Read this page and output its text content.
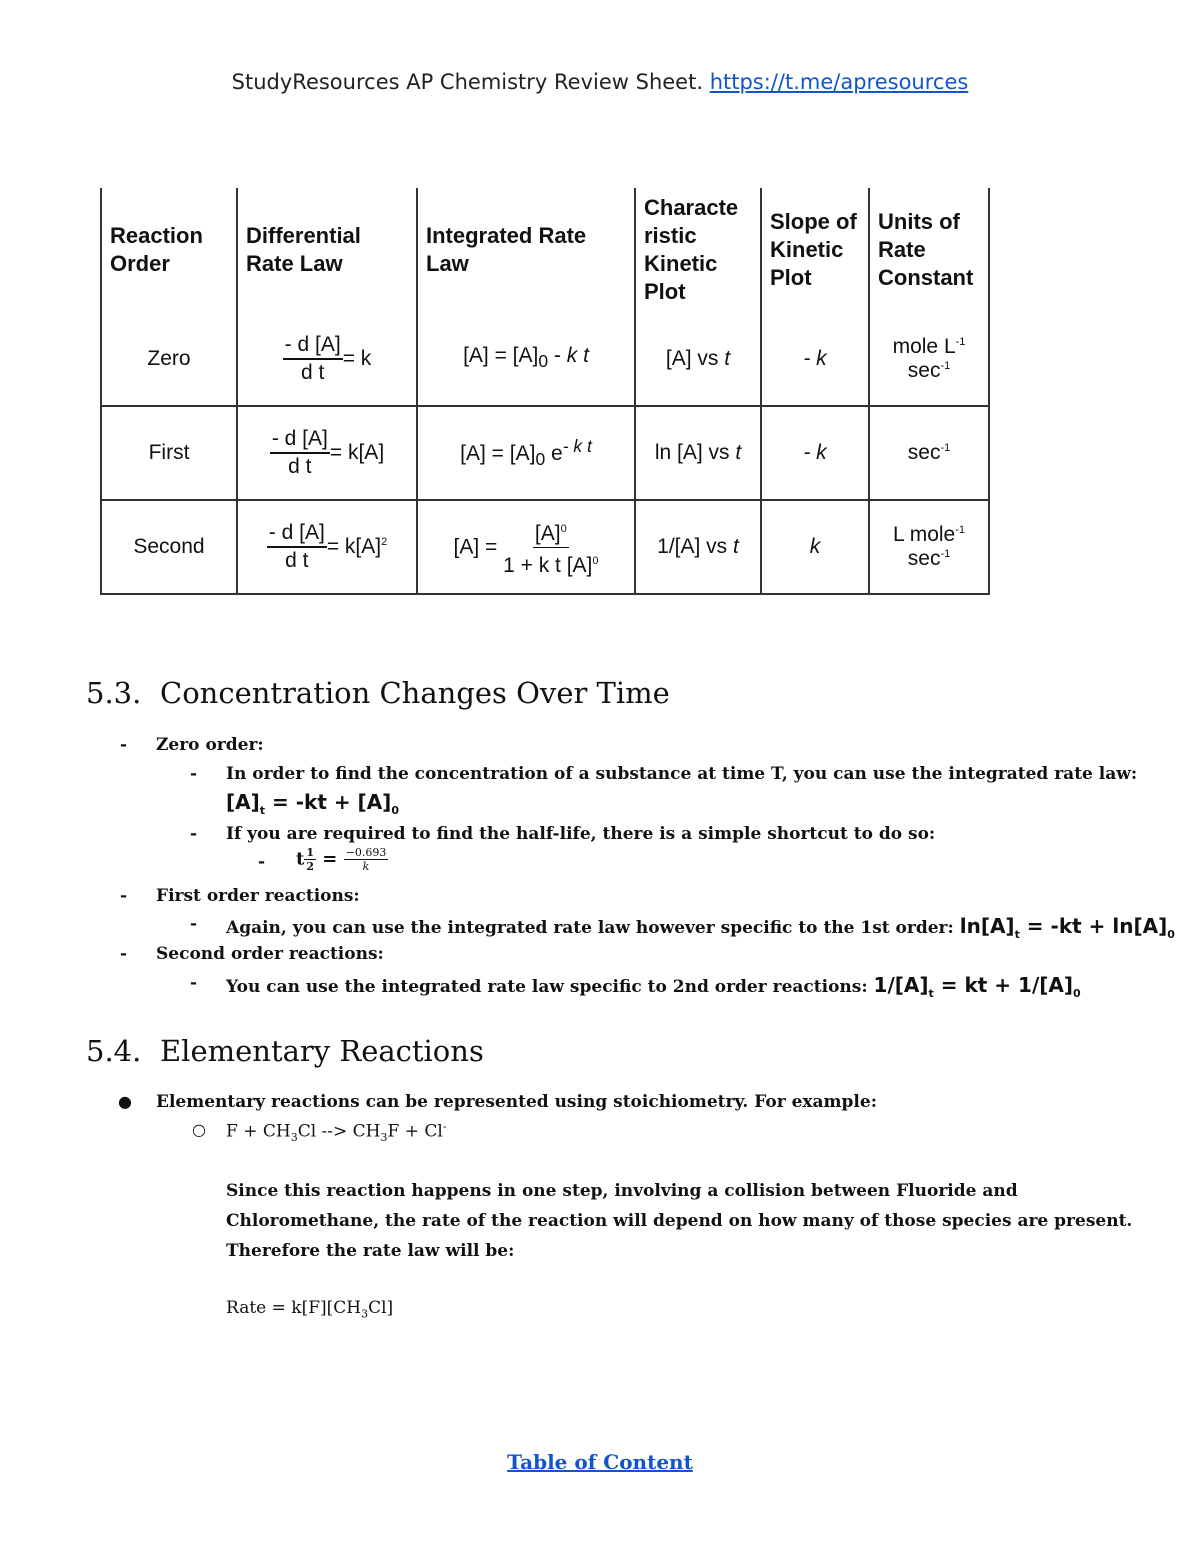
StudyResources AP Chemistry Review Sheet. https://t.me/apresources
Reaction Order	Differential Rate Law	Integrated Rate Law	Characte ristic Kinetic Plot	Slope of Kinetic Plot	Units of Rate Constant
Zero	$\frac{- d [A]}{\text{d t}} = k$	$[A] = [A]_0 - k$ t	[A] vs t	- k	mole $L^{-1}$
$\sec^{-1}$
First	$\frac{- d [A]}{\text{d t}} = k[A]$	$[A] = [A]_0$ $e^{- k t}$	ln [A] vs t	- k	$\sec^{-1}$
Second	$\frac{- d [A]}{\text{d t}} = k[A]^2$	$[A] = \frac{[A]^0}{1 + k t [A]^0}$	1/[A] vs t	k	L mole$^{-1}$
$\sec^{-1}$
5.3. Concentration Changes Over Time
- Zero order:
- In order to find the concentration of a substance at time T, you can use the integrated rate law:
$[A]_t = -kt + [A]_0$
- If you are required to find the half-life, there is a simple shortcut to do so:
- t $\frac{1}{2} = \frac{-0.693}{k}$
- First order reactions:
- Again, you can use the integrated rate law however specific to the 1st order: $\ln[A]_t = -kt + \ln[A]_0$
- Second order reactions:
- You can use the integrated rate law specific to 2nd order reactions: $1/[A]_t$ = kt + $1/[A]_0$
5.4. Elementary Reactions
● Elementary reactions can be represented using stoichiometry. For example:
○ $F + CH_3Cl$ --> $CH_3F + Cl^-$
Since this reaction happens in one step, involving a collision between Fluoride and
Chloromethane, the rate of the reaction will depend on how many of those species are present.
Therefore the rate law will be:
Rate = $k[F][CH_3Cl]$
Table of Content
